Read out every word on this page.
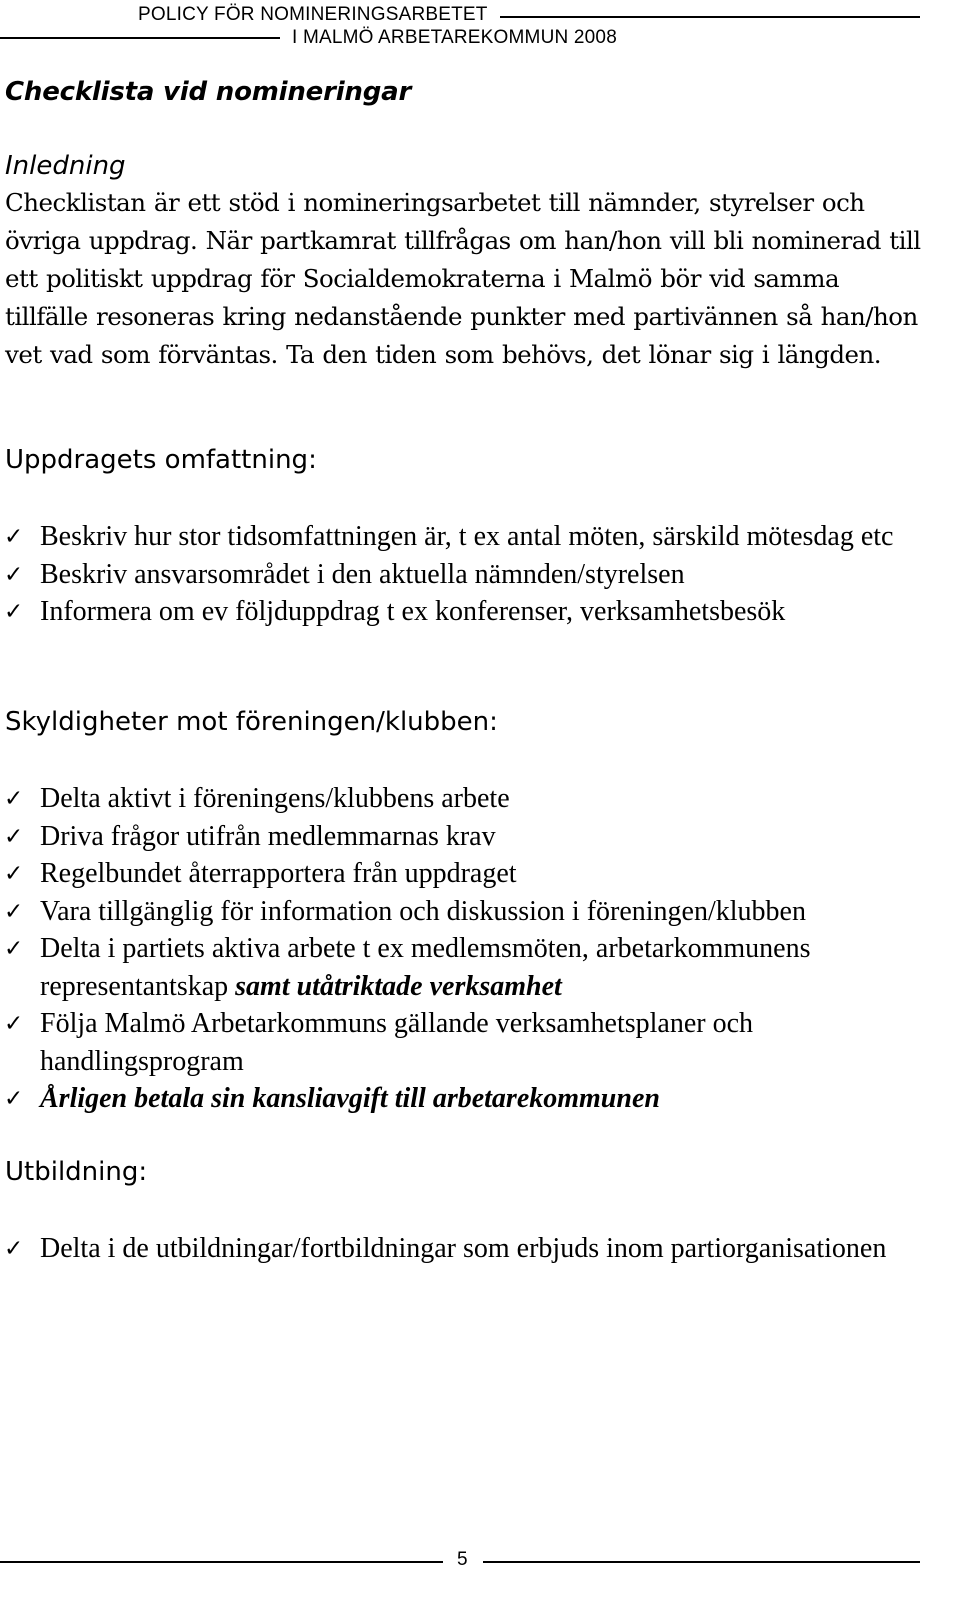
POLICY FÖR NOMINERINGSARBETET
I MALMÖ ARBETAREKOMMUN 2008
Checklista vid nomineringar
Inledning

Checklistan är ett stöd i nomineringsarbetet till nämnder, styrelser och övriga uppdrag. När partkamrat tillfrågas om han/hon vill bli nominerad till ett politiskt uppdrag för Socialdemokraterna i Malmö bör vid samma tillfälle resoneras kring nedanstående punkter med partivännen så han/hon vet vad som förväntas. Ta den tiden som behövs, det lönar sig i längden.

Uppdragets omfattning:
✓ Beskriv hur stor tidsomfattningen är, t ex antal möten, särskild mötesdag etc
✓ Beskriv ansvarsområdet i den aktuella nämnden/styrelsen
✓ Informera om ev följduppdrag t ex konferenser, verksamhetsbesök
Skyldigheter mot föreningen/klubben:
✓ Delta aktivt i föreningens/klubbens arbete
✓ Driva frågor utifrån medlemmarnas krav
✓ Regelbundet återrapportera från uppdraget
✓ Vara tillgänglig för information och diskussion i föreningen/klubben
✓ Delta i partiets aktiva arbete t ex medlemsmöten, arbetarkommunens representantskap samt utåtriktade verksamhet
✓ Följa Malmö Arbetarkommuns gällande verksamhetsplaner och handlingsprogram
✓ Årligen betala sin kansliavgift till arbetarekommunen
Utbildning:
✓ Delta i de utbildningar/fortbildningar som erbjuds inom partiorganisationen
5
